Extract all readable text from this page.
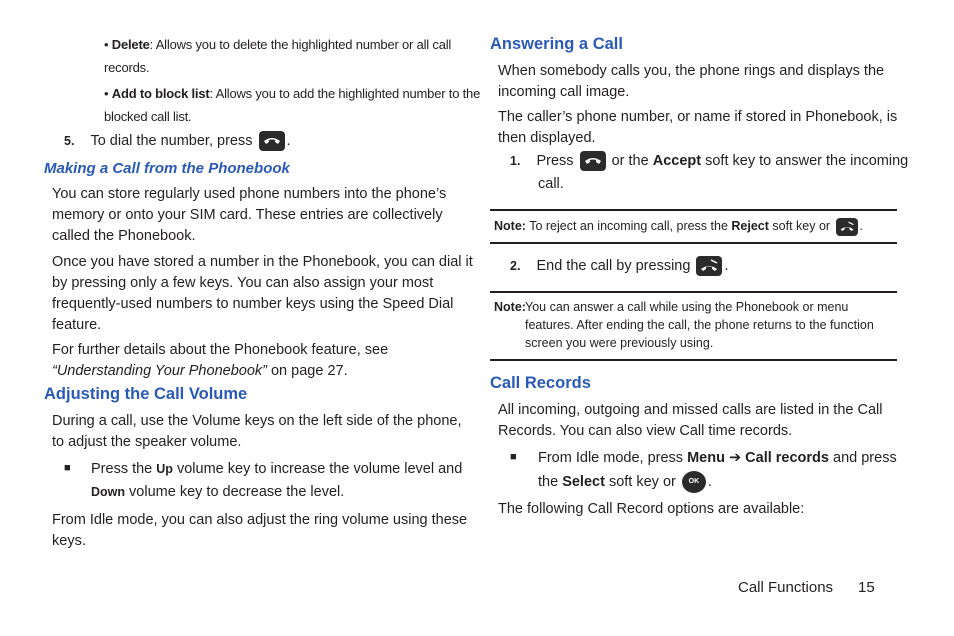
• Delete: Allows you to delete the highlighted number or all call
records.
• Add to block list: Allows you to add the highlighted number to the
blocked call list.
5. To dial the number, press .
Making a Call from the Phonebook
You can store regularly used phone numbers into the phone’s
memory or onto your SIM card. These entries are collectively
called the Phonebook.
Once you have stored a number in the Phonebook, you can dial it
by pressing only a few keys. You can also assign your most
frequently-used numbers to number keys using the Speed Dial
feature.
For further details about the Phonebook feature, see
“Understanding Your Phonebook” on page 27.
Adjusting the Call Volume
During a call, use the Volume keys on the left side of the phone,
to adjust the speaker volume.
■ Press the Up volume key to increase the volume level and
Down volume key to decrease the level.
From Idle mode, you can also adjust the ring volume using these
keys.
Answering a Call
When somebody calls you, the phone rings and displays the
incoming call image.
The caller’s phone number, or name if stored in Phonebook, is
then displayed.
1. Press
or the Accept soft key to answer the incoming
call.
Note: To reject an incoming call, press the Reject soft key or .
2. End the call by pressing .
Note: You can answer a call while using the Phonebook or menu
features. After ending the call, the phone returns to the function
screen you were previously using.
Call Records
All incoming, outgoing and missed calls are listed in the Call
Records. You can also view Call time records.
■ From Idle mode, press Menu ➔ Call records and press
the Select soft key or OK .
The following Call Record options are available:
Call Functions 15
